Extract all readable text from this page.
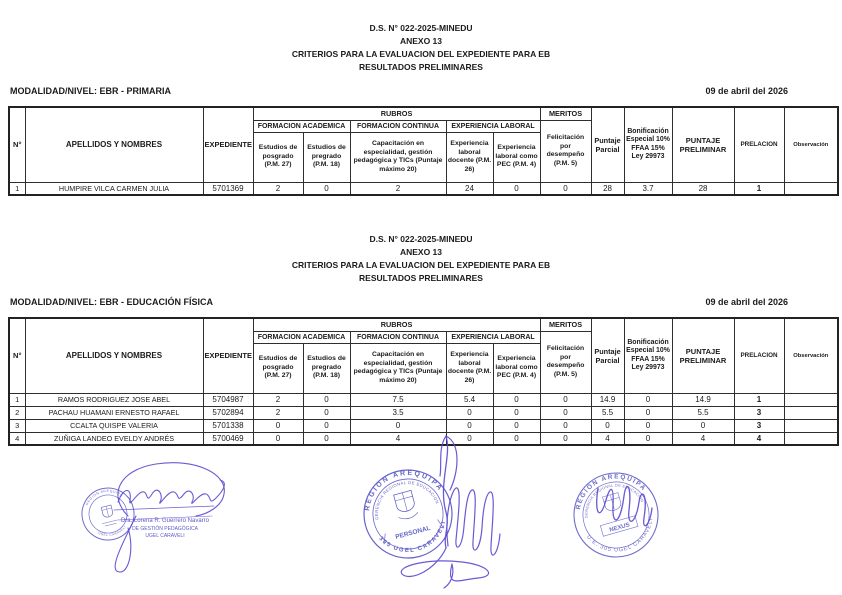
D.S. N° 022-2025-MINEDU
ANEXO 13
CRITERIOS PARA LA EVALUACION DEL EXPEDIENTE PARA EB
RESULTADOS PRELIMINARES
MODALIDAD/NIVEL: EBR - PRIMARIA	09 de abril del 2026
N°	APELLIDOS Y NOMBRES	EXPEDIENTE	RUBROS					MERITOS	Puntaje Parcial	Bonificación Especial 10% FFAA 15% Ley 29973	PUNTAJE PRELIMINAR	PRELACION	Observación
			FORMACION ACADEMICA		FORMACION CONTINUA	EXPERIENCIA LABORAL		Felicitación por desempeño (P.M. 5)					
			Estudios de posgrado (P.M. 27)	Estudios de pregrado (P.M. 18)	Capacitación en especialidad, gestión pedagógica y TICs (Puntaje máximo 20)	Experiencia laboral docente (P.M. 26)	Experiencia laboral como PEC (P.M. 4)						
1	HUMPIRE VILCA CARMEN JULIA	5701369	2	0	2	24	0	0	28	3.7	28	1	
D.S. N° 022-2025-MINEDU
ANEXO 13
CRITERIOS PARA LA EVALUACION DEL EXPEDIENTE PARA EB
RESULTADOS PRELIMINARES
MODALIDAD/NIVEL: EBR - EDUCACIÓN FÍSICA	09 de abril del 2026
N°	APELLIDOS Y NOMBRES	EXPEDIENTE	RUBROS					MERITOS	Puntaje Parcial	Bonificación Especial 10% FFAA 15% Ley 29973	PUNTAJE PRELIMINAR	PRELACION	Observación
			FORMACION ACADEMICA		FORMACION CONTINUA	EXPERIENCIA LABORAL		Felicitación por desempeño (P.M. 5)					
			Estudios de posgrado (P.M. 27)	Estudios de pregrado (P.M. 18)	Capacitación en especialidad, gestión pedagógica y TICs (Puntaje máximo 20)	Experiencia laboral docente (P.M. 26)	Experiencia laboral como PEC (P.M. 4)						
1	RAMOS RODRIGUEZ JOSE ABEL	5704987	2	0	7.5	5.4	0	0	14.9	0	14.9	1	
2	PACHAU HUAMANI ERNESTO RAFAEL	5702894	2	0	3.5	0	0	0	5.5	0	5.5	3	
3	CCALTA QUISPE VALERIA	5701338	0	0	0	0	0	0	0	0	0	3	
4	ZUÑIGA LANDEO EVELDY ANDRÉS	5700469	0	0	4	0	0	0	4	0	4	4	
REGION AREQUIPA
UGEL CARAVELI
Dra. Lorena R. Guerrero Navarro
DE GESTIÓN PEDAGÓGICA
UGEL CARAVELI
REGION AREQUIPA
GERENCIA REGIONAL DE EDUCACION
305 UGEL CARAVELI
PERSONAL
REGION AREQUIPA
GERENCIA REGIONAL DE EDUCACION
U.E. 305 UGEL CARAVELI
NEXUS
